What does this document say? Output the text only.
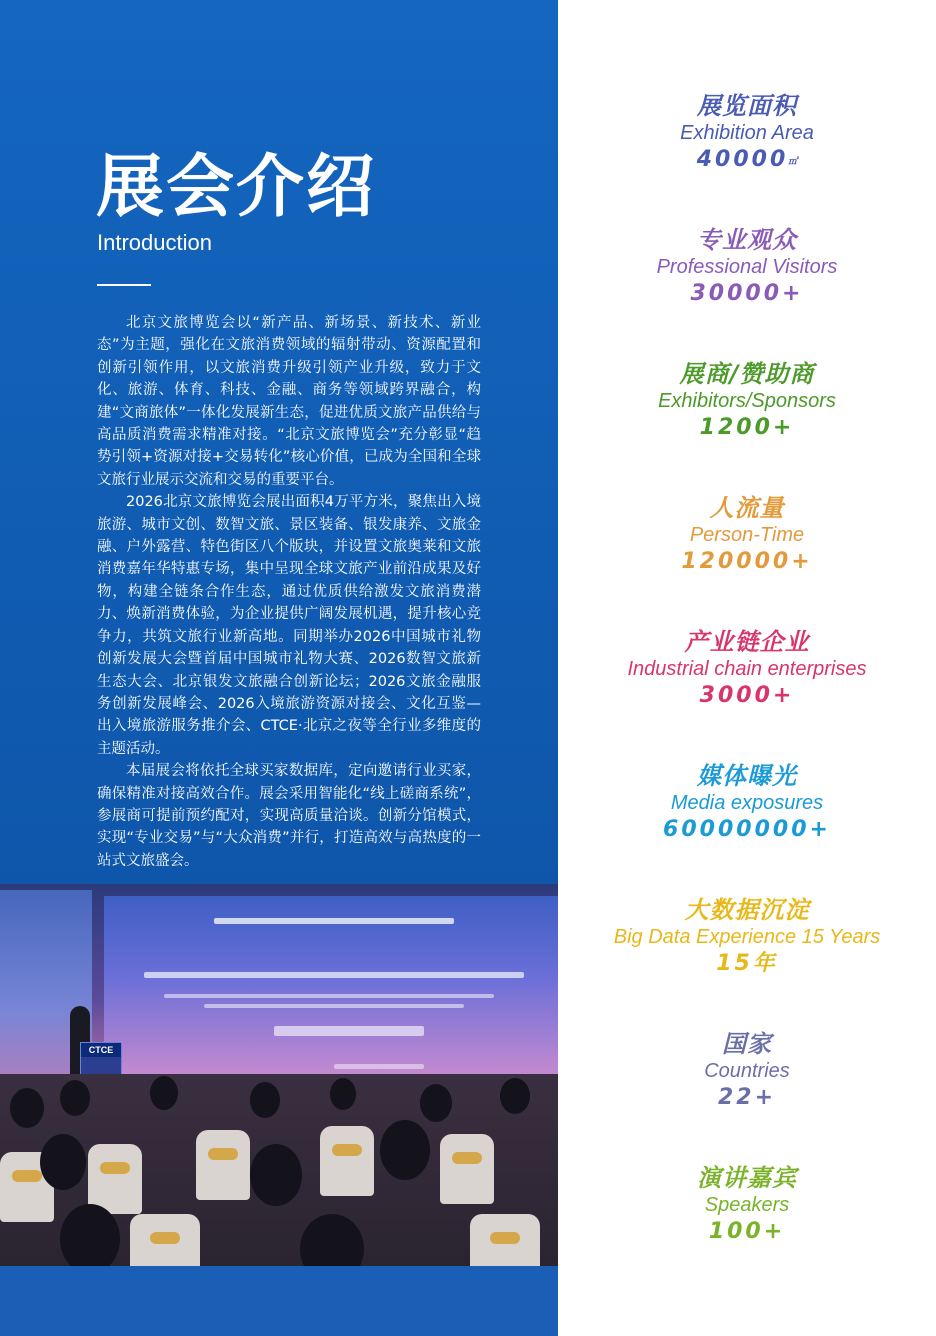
展会介绍
Introduction

北京文旅博览会以“新产品、新场景、新技术、新业态”为主题，强化在文旅消费领域的辐射带动、资源配置和创新引领作用，以文旅消费升级引领产业升级，致力于文化、旅游、体育、科技、金融、商务等领域跨界融合，构建“文商旅体”一体化发展新生态，促进优质文旅产品供给与高品质消费需求精准对接。“北京文旅博览会”充分彰显“趋势引领+资源对接+交易转化”核心价值，已成为全国和全球文旅行业展示交流和交易的重要平台。

2026北京文旅博览会展出面积4万平方米，聚焦出入境旅游、城市文创、数智文旅、景区装备、银发康养、文旅金融、户外露营、特色街区八个版块，并设置文旅奥莱和文旅消费嘉年华特惠专场，集中呈现全球文旅产业前沿成果及好物，构建全链条合作生态，通过优质供给激发文旅消费潜力、焕新消费体验，为企业提供广阔发展机遇，提升核心竞争力，共筑文旅行业新高地。同期举办2026中国城市礼物创新发展大会暨首届中国城市礼物大赛、2026数智文旅新生态大会、北京银发文旅融合创新论坛；2026文旅金融服务创新发展峰会、2026入境旅游资源对接会、文化互鉴—出入境旅游服务推介会、CTCE·北京之夜等全行业多维度的主题活动。

本届展会将依托全球买家数据库，定向邀请行业买家，确保精准对接高效合作。展会采用智能化“线上磋商系统”，参展商可提前预约配对，实现高质量洽谈。创新分馆模式，实现“专业交易”与“大众消费”并行，打造高效与高热度的一站式文旅盛会。

CTCE
展览面积
Exhibition Area
40000㎡
专业观众
Professional Visitors
30000+
展商/赞助商
Exhibitors/Sponsors
1200+
人流量
Person-Time
120000+
产业链企业
Industrial chain enterprises
3000+
媒体曝光
Media exposures
60000000+
大数据沉淀
Big Data Experience 15 Years
15年
国家
Countries
22+
演讲嘉宾
Speakers
100+
